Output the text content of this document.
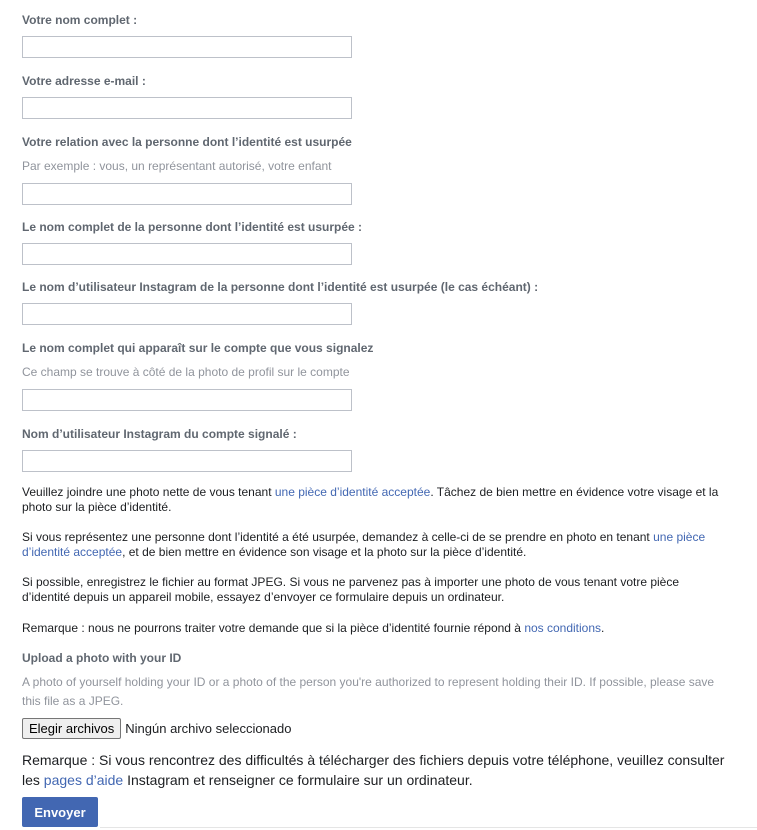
Votre nom complet :
Votre adresse e-mail :
Votre relation avec la personne dont l’identité est usurpée
Par exemple : vous, un représentant autorisé, votre enfant
Le nom complet de la personne dont l’identité est usurpée :
Le nom d’utilisateur Instagram de la personne dont l’identité est usurpée (le cas échéant) :
Le nom complet qui apparaît sur le compte que vous signalez
Ce champ se trouve à côté de la photo de profil sur le compte
Nom d’utilisateur Instagram du compte signalé :
Veuillez joindre une photo nette de vous tenant une pièce d’identité acceptée. Tâchez de bien mettre en évidence votre visage et la photo sur la pièce d’identité.
Si vous représentez une personne dont l’identité a été usurpée, demandez à celle-ci de se prendre en photo en tenant une pièce d’identité acceptée, et de bien mettre en évidence son visage et la photo sur la pièce d’identité.
Si possible, enregistrez le fichier au format JPEG. Si vous ne parvenez pas à importer une photo de vous tenant votre pièce d’identité depuis un appareil mobile, essayez d’envoyer ce formulaire depuis un ordinateur.
Remarque : nous ne pourrons traiter votre demande que si la pièce d’identité fournie répond à nos conditions.
Upload a photo with your ID
A photo of yourself holding your ID or a photo of the person you're authorized to represent holding their ID. If possible, please save this file as a JPEG.
Elegir archivos Ningún archivo seleccionado
Remarque : Si vous rencontrez des difficultés à télécharger des fichiers depuis votre téléphone, veuillez consulter les pages d’aide Instagram et renseigner ce formulaire sur un ordinateur.
Envoyer
